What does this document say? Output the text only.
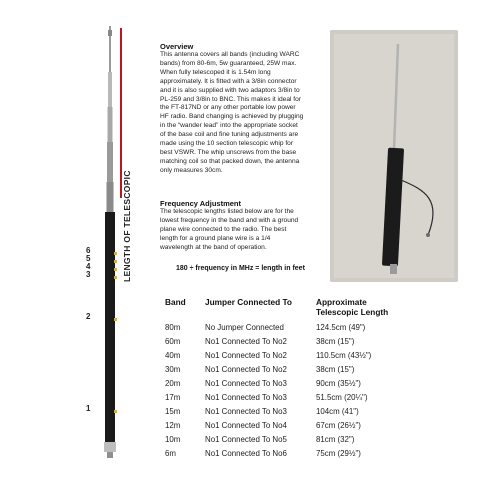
LENGTH OF TELESCOPIC
6
5
4
3
2
1
Overview
This antenna covers all bands (including WARC
bands) from 80-6m, 5w guaranteed, 25W max.
When fully telescoped it is 1.54m long
approximately. It is fitted with a 3/8in connector
and it is also supplied with two adaptors 3/8in to
PL-259 and 3/8in to BNC. This makes it ideal for
the FT-817ND or any other portable low power
HF radio. Band changing is achieved by plugging
in the “wander lead” into the appropriate socket
of the base coil and fine tuning adjustments are
made using the 10 section telescopic whip for
best VSWR. The whip unscrews from the base
matching coil so that packed down, the antenna
only measures 30cm.
Frequency Adjustment
The telescopic lengths listed below are for the
lowest frequency in the band and with a ground
plane wire connected to the radio. The best
length for a ground plane wire is a 1/4
wavelength at the band of operation.
180 ÷ frequency in MHz = length in feet
Band Jumper Connected To	Approximate
Telescopic Length
80m	No Jumper Connected	124.5cm (49")
60m	No1 Connected To No2	38cm (15")
40m	No1 Connected To No2	110.5cm (43½")
30m	No1 Connected To No2	38cm (15")
20m	No1 Connected To No3	90cm (35½")
17m	No1 Connected To No3	51.5cm (20¼")
15m	No1 Connected To No3	104cm (41")
12m	No1 Connected To No4	67cm (26½")
10m	No1 Connected To No5	81cm (32")
6m	No1 Connected To No6	75cm (29½")
